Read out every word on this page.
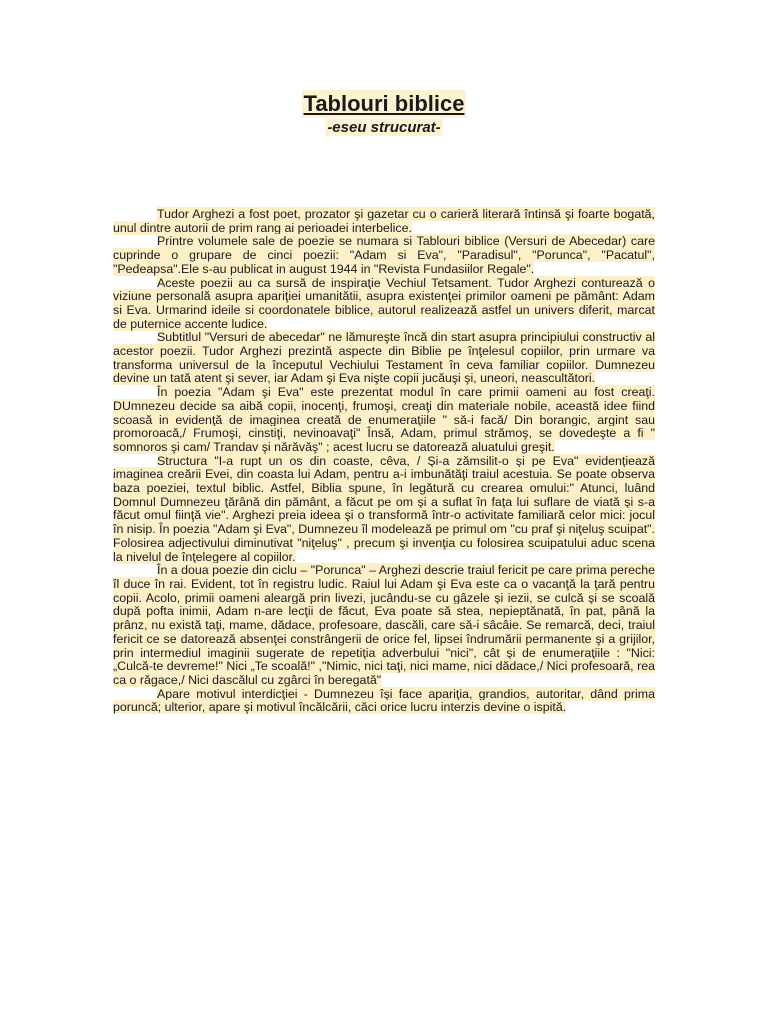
Tablouri biblice
-eseu strucurat-

Tudor Arghezi a fost poet, prozator şi gazetar cu o carieră literară întinsă şi foarte bogată, unul dintre autorii de prim rang ai perioadei interbelice.

Printre volumele sale de poezie se numara si Tablouri biblice (Versuri de Abecedar) care cuprinde o grupare de cinci poezii: "Adam si Eva", "Paradisul", "Porunca", "Pacatul", "Pedeapsa".Ele s-au publicat in august 1944 in "Revista Fundasiilor Regale".

Aceste poezii au ca sursă de inspiraţie Vechiul Tetsament. Tudor Arghezi conturează o viziune personală asupra apariţiei umanitătii, asupra existenţei primilor oameni pe pământ: Adam si Eva. Urmarind ideile si coordonatele biblice, autorul realizează astfel un univers diferit, marcat de puternice accente ludice.

Subtitlul "Versuri de abecedar" ne lămureşte încă din start asupra principiului constructiv al acestor poezii. Tudor Arghezi prezintă aspecte din Biblie pe înţelesul copiilor, prin urmare va transforma universul de la începutul Vechiului Testament în ceva familiar copiilor. Dumnezeu devine un tată atent şi sever, iar Adam şi Eva nişte copii jucăuşi şi, uneori, neascultători.

În poezia "Adam şi Eva" este prezentat modul în care primii oameni au fost creaţi. DUmnezeu decide sa aibă copii, inocenţi, frumoşi, creaţi din materiale nobile, această idee fiind scoasă in evidenţă de imaginea creată de enumeraţiile " să-i facă/ Din borangic, argint sau promoroacă,/ Frumoşi, cinstiţi, nevinoavaţi" Însă, Adam, primul strămoş, se dovedeşte a fi " somnoros şi cam/ Trandav şi nărăvăş" ; acest lucru se datorează aluatului greşit.

Structura "I-a rupt un os din coaste, cêva, / Şi-a zămsilit-o şi pe Eva" evidenţiează imaginea creării Evei, din coasta lui Adam, pentru a-i imbunătăţi traiul acestuia. Se poate observa baza poeziei, textul biblic. Astfel, Biblia spune, în legătură cu crearea omului:" Atunci, luând Domnul Dumnezeu ţărână din pământ, a făcut pe om şi a suflat în faţa lui suflare de viată şi s-a făcut omul fiinţă vie". Arghezi preia ideea şi o transformă într-o activitate familiară celor mici: jocul în nisip. În poezia "Adam şi Eva", Dumnezeu îl modelează pe primul om "cu praf şi niţeluş scuipat". Folosirea adjectivului diminutivat "niţeluş" , precum şi invenţia cu folosirea scuipatului aduc scena la nivelul de înţelegere al copiilor.

În a doua poezie din ciclu – "Porunca" – Arghezi descrie traiul fericit pe care prima pereche îl duce în rai. Evident, tot în registru ludic. Raiul lui Adam şi Eva este ca o vacanţă la ţară pentru copii. Acolo, primii oameni aleargă prin livezi, jucându-se cu gâzele şi iezii, se culcă şi se scoală după pofta inimii, Adam n-are lecţii de făcut, Eva poate să stea, nepieptănată, în pat, până la prânz, nu există taţi, mame, dădace, profesoare, dascăli, care să-i sâcâie. Se remarcă, deci, traiul fericit ce se datorează absenţei constrângerii de orice fel, lipsei îndrumării permanente şi a grijilor, prin intermediul imaginii sugerate de repetiţia adverbului "nici", cât şi de enumeraţiile : "Nici: „Culcă-te devreme!" Nici „Te scoală!" ,"Nimic, nici taţi, nici mame, nici dădace,/ Nici profesoară, rea ca o răgace,/ Nici dascălul cu zgârci în beregată"

Apare motivul interdicţiei - Dumnezeu îşi face apariţia, grandios, autoritar, dând prima poruncă; ulterior, apare şi motivul încălcării, căci orice lucru interzis devine o ispită.
